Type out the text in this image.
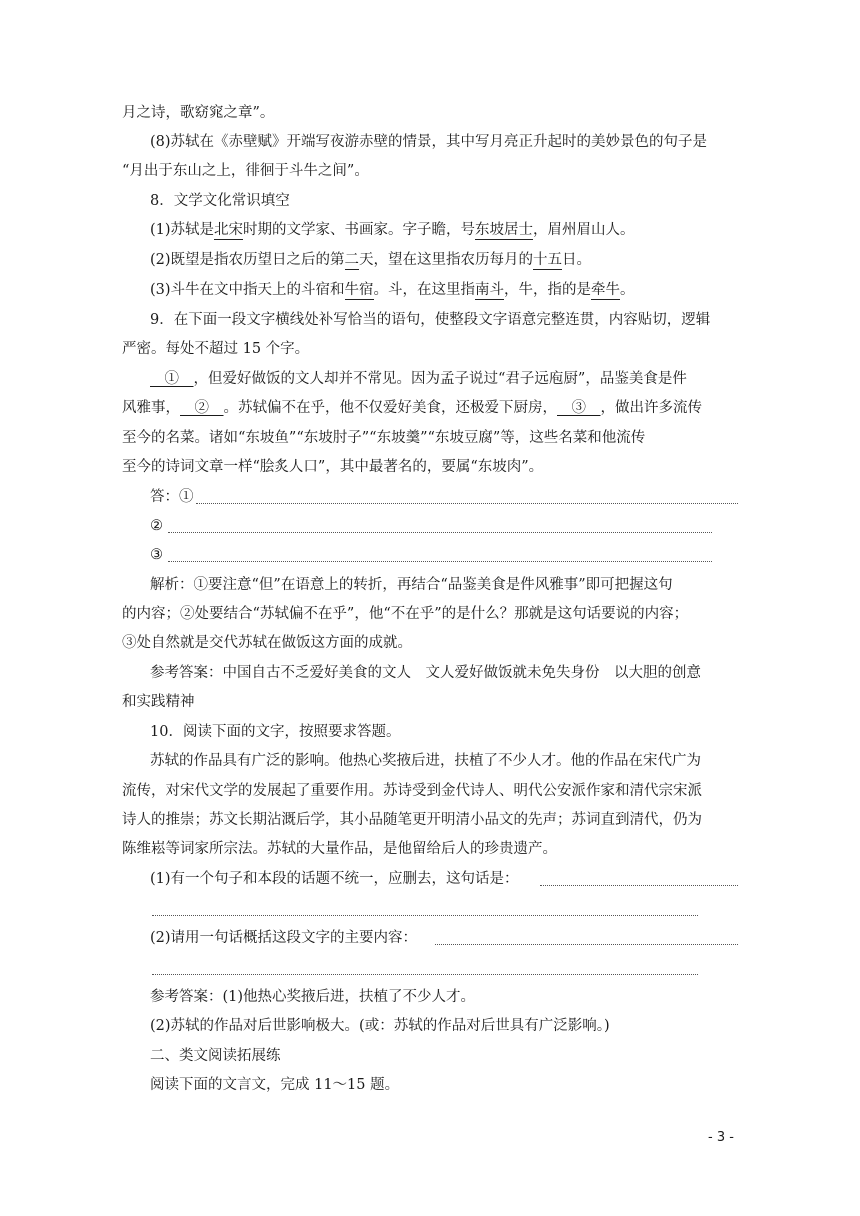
月之诗，歌窈窕之章”。
(8)苏轼在《赤壁赋》开端写夜游赤壁的情景，其中写月亮正升起时的美妙景色的句子是
“月出于东山之上，徘徊于斗牛之间”。
8．文学文化常识填空
(1)苏轼是北宋时期的文学家、书画家。字子瞻，号东坡居士，眉州眉山人。
(2)既望是指农历望日之后的第二天，望在这里指农历每月的十五日。
(3)斗牛在文中指天上的斗宿和牛宿。斗，在这里指南斗，牛，指的是牵牛。
9．在下面一段文字横线处补写恰当的语句，使整段文字语意完整连贯，内容贴切，逻辑
严密。每处不超过 15 个字。
　①　，但爱好做饭的文人却并不常见。因为孟子说过“君子远庖厨”，品鉴美食是件
风雅事，　②　。苏轼偏不在乎，他不仅爱好美食，还极爱下厨房，　③　，做出许多流传
至今的名菜。诸如“东坡鱼”“东坡肘子”“东坡羹”“东坡豆腐”等，这些名菜和他流传
至今的诗词文章一样“脍炙人口”，其中最著名的，要属“东坡肉”。
答：①
②
③
解析：①要注意“但”在语意上的转折，再结合“品鉴美食是件风雅事”即可把握这句
的内容；②处要结合“苏轼偏不在乎”，他“不在乎”的是什么？那就是这句话要说的内容；
③处自然就是交代苏轼在做饭这方面的成就。
参考答案：中国自古不乏爱好美食的文人　文人爱好做饭就未免失身份　以大胆的创意
和实践精神
10．阅读下面的文字，按照要求答题。
苏轼的作品具有广泛的影响。他热心奖掖后进，扶植了不少人才。他的作品在宋代广为
流传，对宋代文学的发展起了重要作用。苏诗受到金代诗人、明代公安派作家和清代宗宋派
诗人的推崇；苏文长期沾溉后学，其小品随笔更开明清小品文的先声；苏词直到清代，仍为
陈维崧等词家所宗法。苏轼的大量作品，是他留给后人的珍贵遗产。
(1)有一个句子和本段的话题不统一，应删去，这句话是：
(2)请用一句话概括这段文字的主要内容：
参考答案：(1)他热心奖掖后进，扶植了不少人才。
(2)苏轼的作品对后世影响极大。(或：苏轼的作品对后世具有广泛影响。)
二、类文阅读拓展练
阅读下面的文言文，完成 11～15 题。
- 3 -
